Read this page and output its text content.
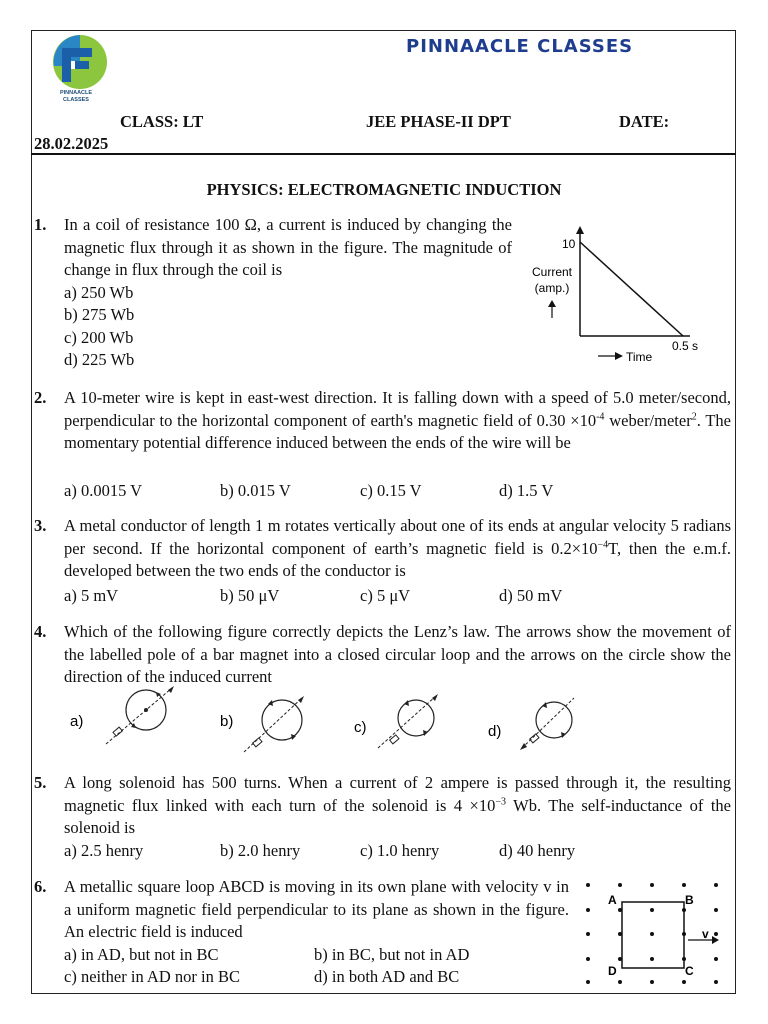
PINNAACLE CLASSES
PINNAACLE CLASSES
CLASS: LT	JEE PHASE-II DPT	DATE:
28.02.2025
PHYSICS: ELECTROMAGNETIC INDUCTION
1. In a coil of resistance 100 Ω, a current is induced by changing the magnetic flux through it as shown in the figure. The magnitude of change in flux through the coil is
a) 250 Wb
b) 275 Wb
c) 200 Wb
d) 225 Wb
10
Current
(amp.)
0.5 s
Time
2. A 10-meter wire is kept in east-west direction. It is falling down with a speed of 5.0 meter/second, perpendicular to the horizontal component of earth's magnetic field of $0.30 \times 10^{-4}$ weber/meter$^2$. The momentary potential difference induced between the ends of the wire will be
a) 0.0015 V	b) 0.015 V	c) 0.15 V	d) 1.5 V
3. A metal conductor of length 1 m rotates vertically about one of its ends at angular velocity 5 radians per second. If the horizontal component of earth’s magnetic field is $0.2\times 10^{-4}T$, then the e.m.f. developed between the two ends of the conductor is
a) 5 mV	b) 50 μV	c) 5 μV	d) 50 mV
4. Which of the following figure correctly depicts the Lenz’s law. The arrows show the movement of the labelled pole of a bar magnet into a closed circular loop and the arrows on the circle show the direction of the induced current
a)	b)	c)	d)
5. A long solenoid has 500 turns. When a current of 2 ampere is passed through it, the resulting magnetic flux linked with each turn of the solenoid is $4 \times 10^{-3}$ Wb. The self-inductance of the solenoid is
a) 2.5 henry	b) 2.0 henry	c) 1.0 henry	d) 40 henry
6. A metallic square loop ABCD is moving in its own plane with velocity v in a uniform magnetic field perpendicular to its plane as shown in the figure. An electric field is induced
a) in AD, but not in BC	b) in BC, but not in AD
c) neither in AD nor in BC	d) in both AD and BC
A	B
C
D
v
